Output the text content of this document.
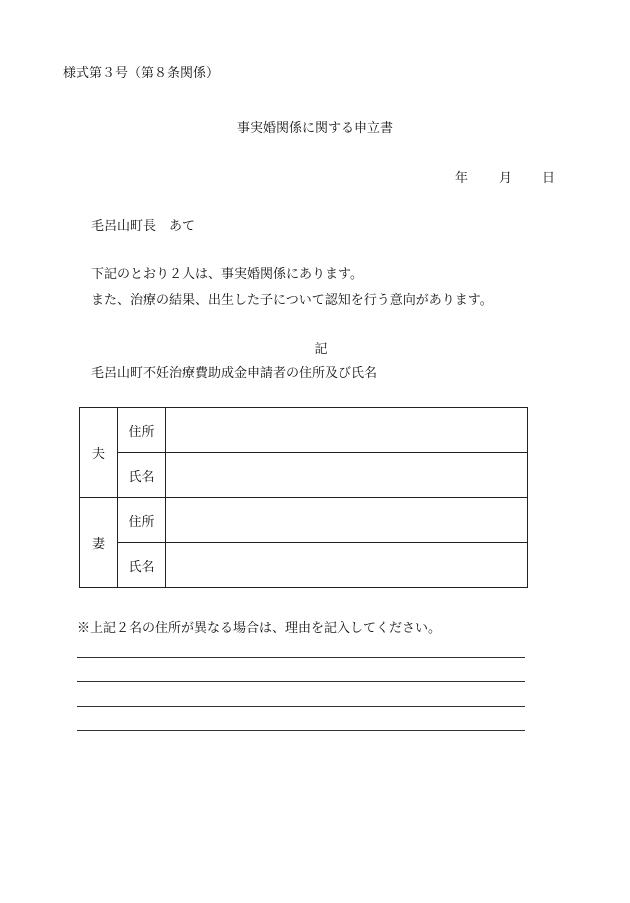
様式第３号（第８条関係）
事実婚関係に関する申立書
年 月 日
毛呂山町長　あて
下記のとおり２人は、事実婚関係にあります。
また、治療の結果、出生した子について認知を行う意向があります。
記
毛呂山町不妊治療費助成金申請者の住所及び氏名
夫	住所	
	氏名	
妻	住所	
	氏名	
※上記２名の住所が異なる場合は、理由を記入してください。
